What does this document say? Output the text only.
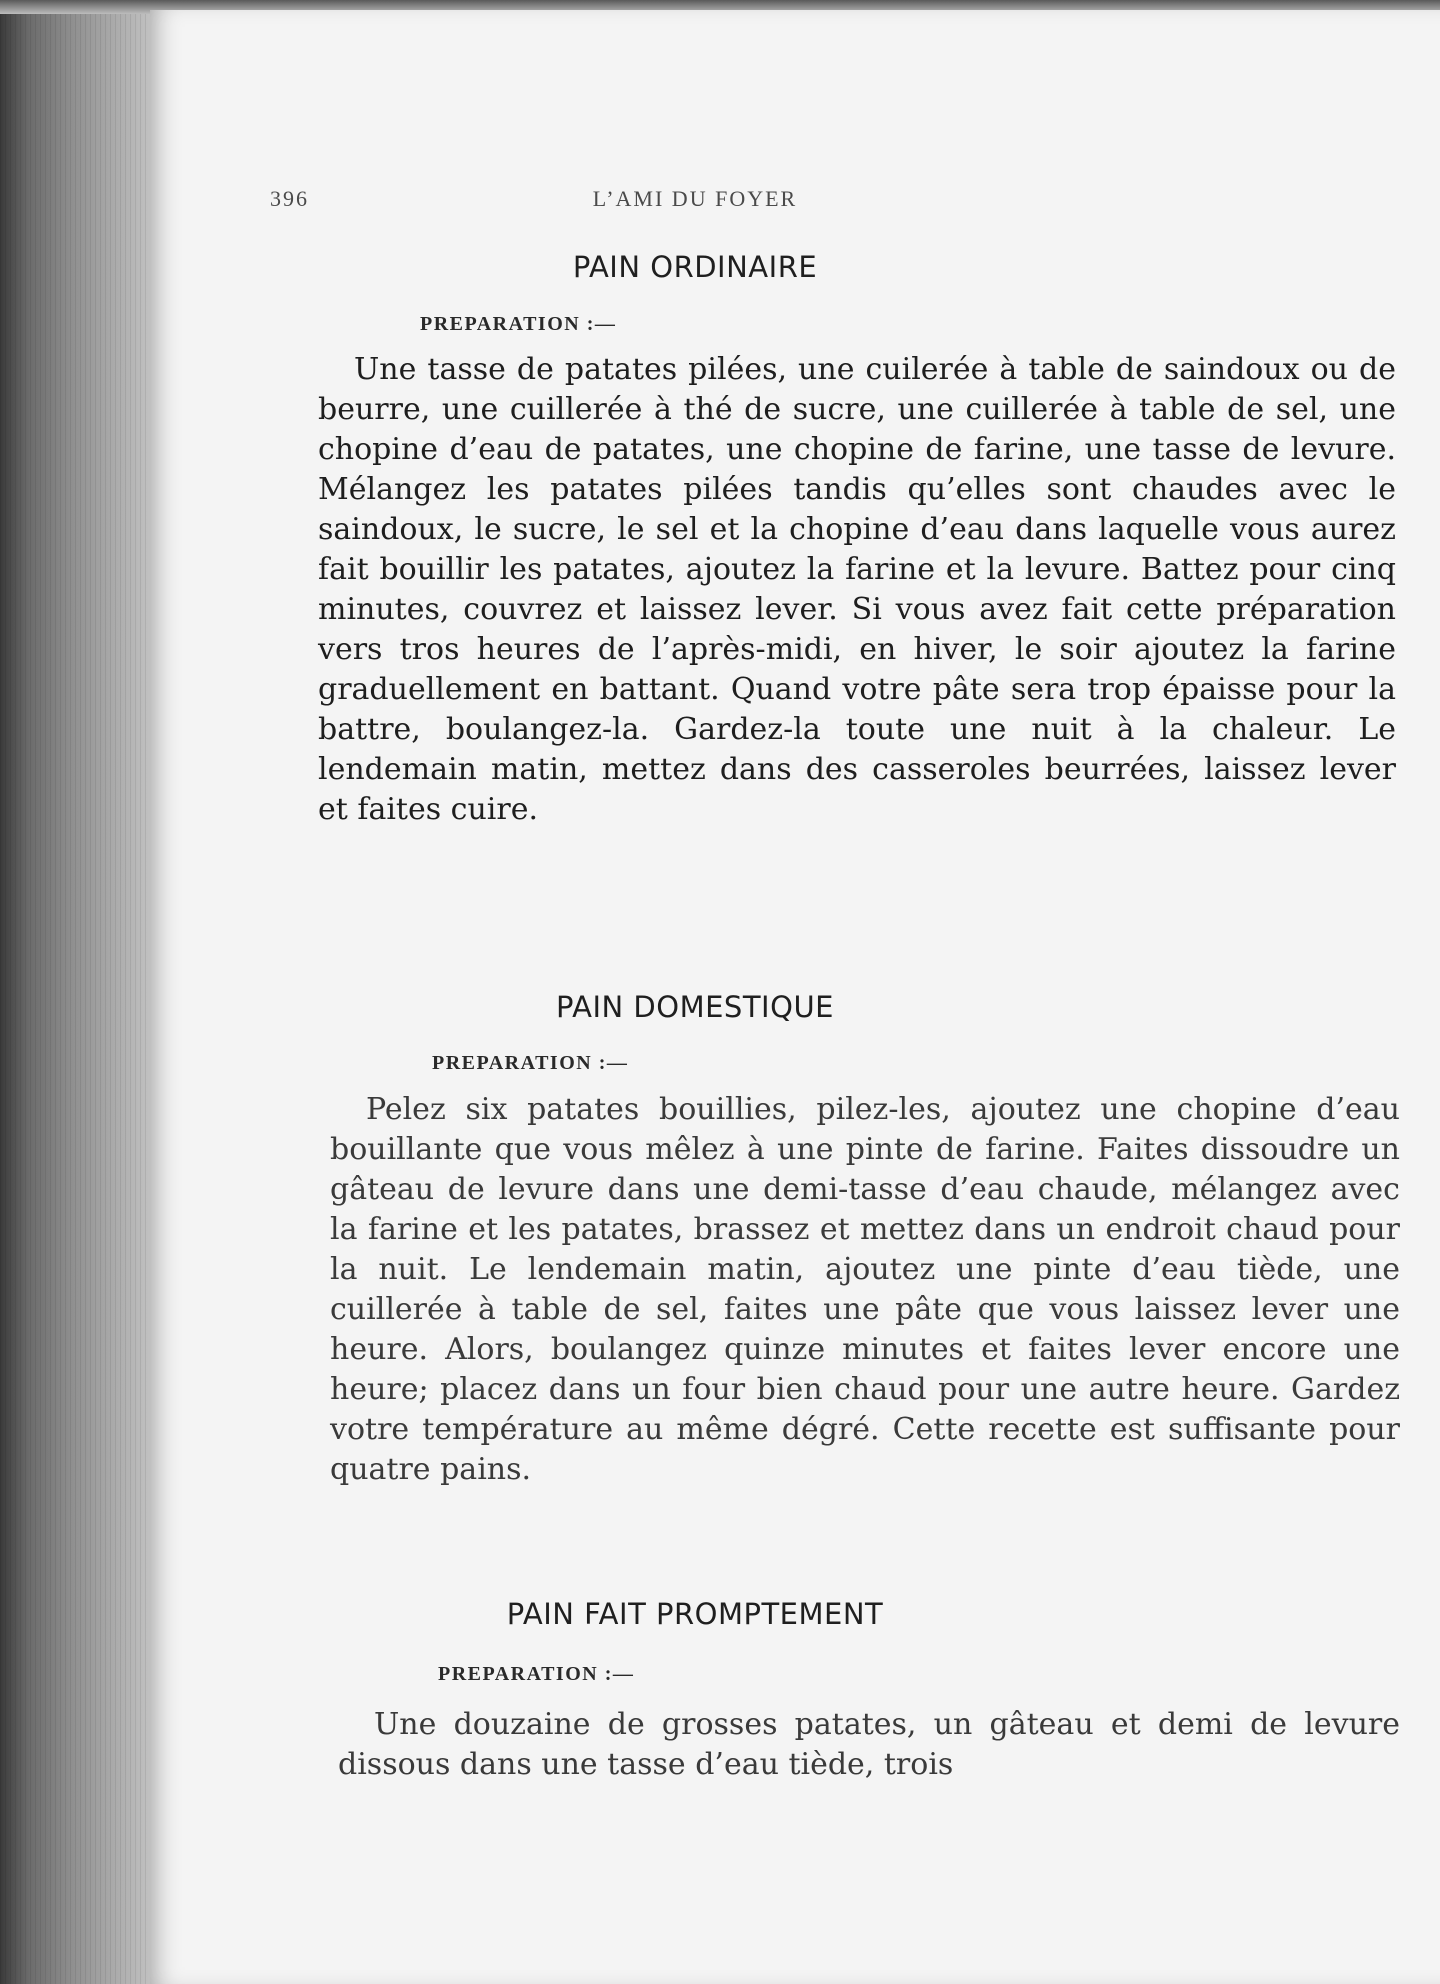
396	L’AMI DU FOYER
PAIN ORDINAIRE
PREPARATION :—

Une tasse de patates pilées, une cuilerée à table de saindoux ou de beurre, une cuillerée à thé de sucre, une cuillerée à table de sel, une chopine d’eau de patates, une chopine de farine, une tasse de levure. Mélangez les patates pilées tandis qu’elles sont chaudes avec le saindoux, le sucre, le sel et la chopine d’eau dans laquelle vous aurez fait bouillir les patates, ajoutez la farine et la levure. Battez pour cinq minutes, couvrez et laissez lever. Si vous avez fait cette préparation vers tros heures de l’après-midi, en hiver, le soir ajoutez la farine graduellement en battant. Quand votre pâte sera trop épaisse pour la battre, boulangez-la. Gardez-la toute une nuit à la chaleur. Le lendemain matin, mettez dans des casseroles beurrées, laissez lever et faites cuire.

PAIN DOMESTIQUE
PREPARATION :—

Pelez six patates bouillies, pilez-les, ajoutez une chopine d’eau bouillante que vous mêlez à une pinte de farine. Faites dissoudre un gâteau de levure dans une demi-tasse d’eau chaude, mélangez avec la farine et les patates, brassez et mettez dans un endroit chaud pour la nuit. Le lendemain matin, ajoutez une pinte d’eau tiède, une cuillerée à table de sel, faites une pâte que vous laissez lever une heure. Alors, boulangez quinze minutes et faites lever encore une heure; placez dans un four bien chaud pour une autre heure. Gardez votre température au même dégré. Cette recette est suffisante pour quatre pains.

PAIN FAIT PROMPTEMENT
PREPARATION :—

Une douzaine de grosses patates, un gâteau et demi de levure dissous dans une tasse d’eau tiède, trois
